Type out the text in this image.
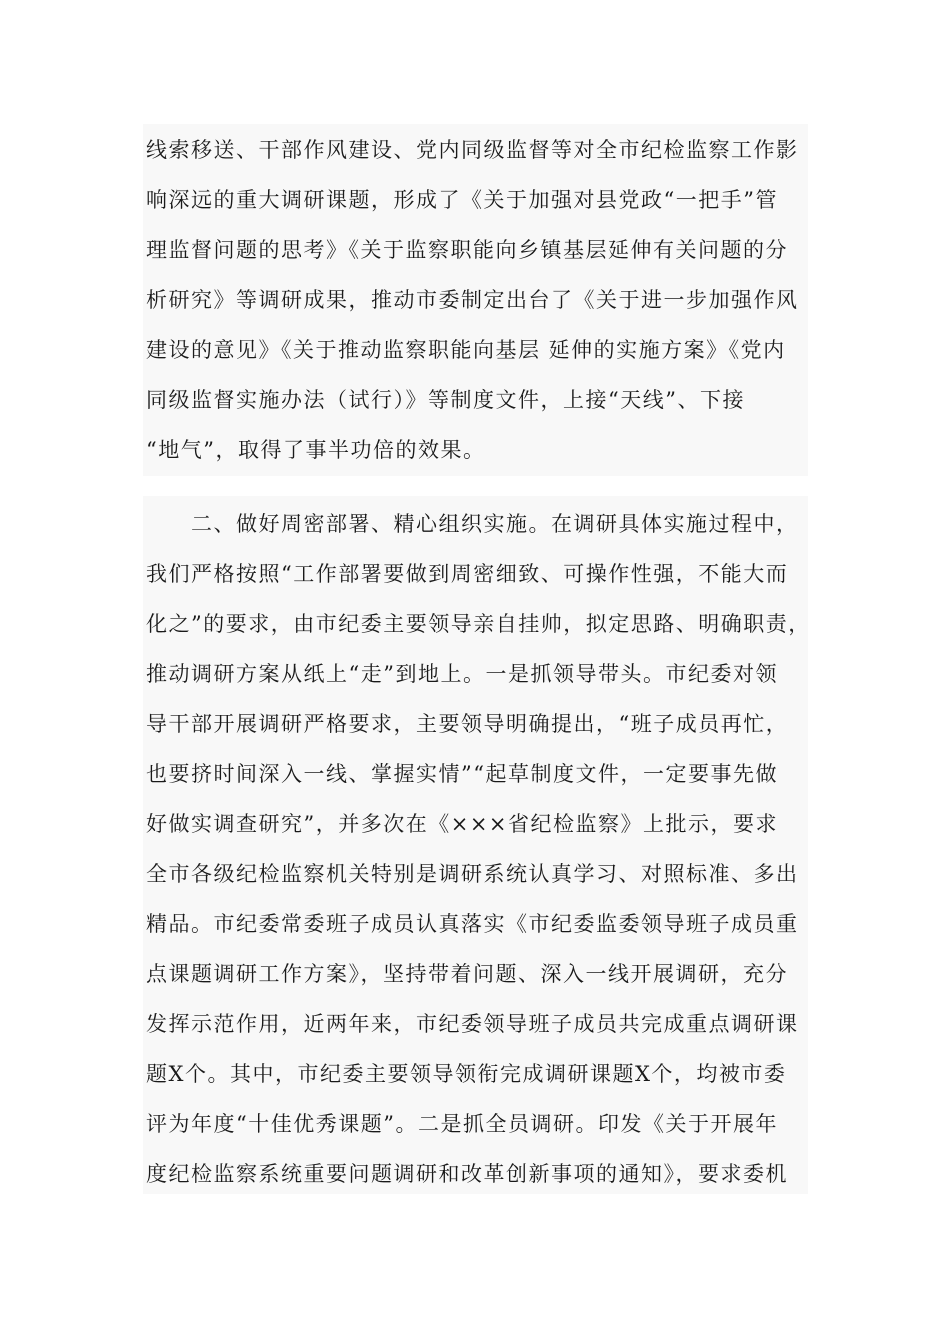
线索移送、干部作风建设、党内同级监督等对全市纪检监察工作影
响深远的重大调研课题，形成了《关于加强对县党政“一把手”管
理监督问题的思考》《关于监察职能向乡镇基层延伸有关问题的分
析研究》等调研成果，推动市委制定出台了《关于进一步加强作风
建设的意见》《关于推动监察职能向基层 延伸的实施方案》《党内
同级监督实施办法（试行）》等制度文件，上接“天线”、下接
“地气”，取得了事半功倍的效果。
　　二、做好周密部署、精心组织实施。在调研具体实施过程中，
我们严格按照“工作部署要做到周密细致、可操作性强，不能大而
化之”的要求，由市纪委主要领导亲自挂帅，拟定思路、明确职责，
推动调研方案从纸上“走”到地上。一是抓领导带头。市纪委对领
导干部开展调研严格要求，主要领导明确提出，“班子成员再忙，
也要挤时间深入一线、掌握实情”“起草制度文件，一定要事先做
好做实调查研究”，并多次在《×××省纪检监察》上批示，要求
全市各级纪检监察机关特别是调研系统认真学习、对照标准、多出
精品。市纪委常委班子成员认真落实《市纪委监委领导班子成员重
点课题调研工作方案》，坚持带着问题、深入一线开展调研，充分
发挥示范作用，近两年来，市纪委领导班子成员共完成重点调研课
题X个。其中，市纪委主要领导领衔完成调研课题X个，均被市委
评为年度“十佳优秀课题”。二是抓全员调研。印发《关于开展年
度纪检监察系统重要问题调研和改革创新事项的通知》，要求委机
